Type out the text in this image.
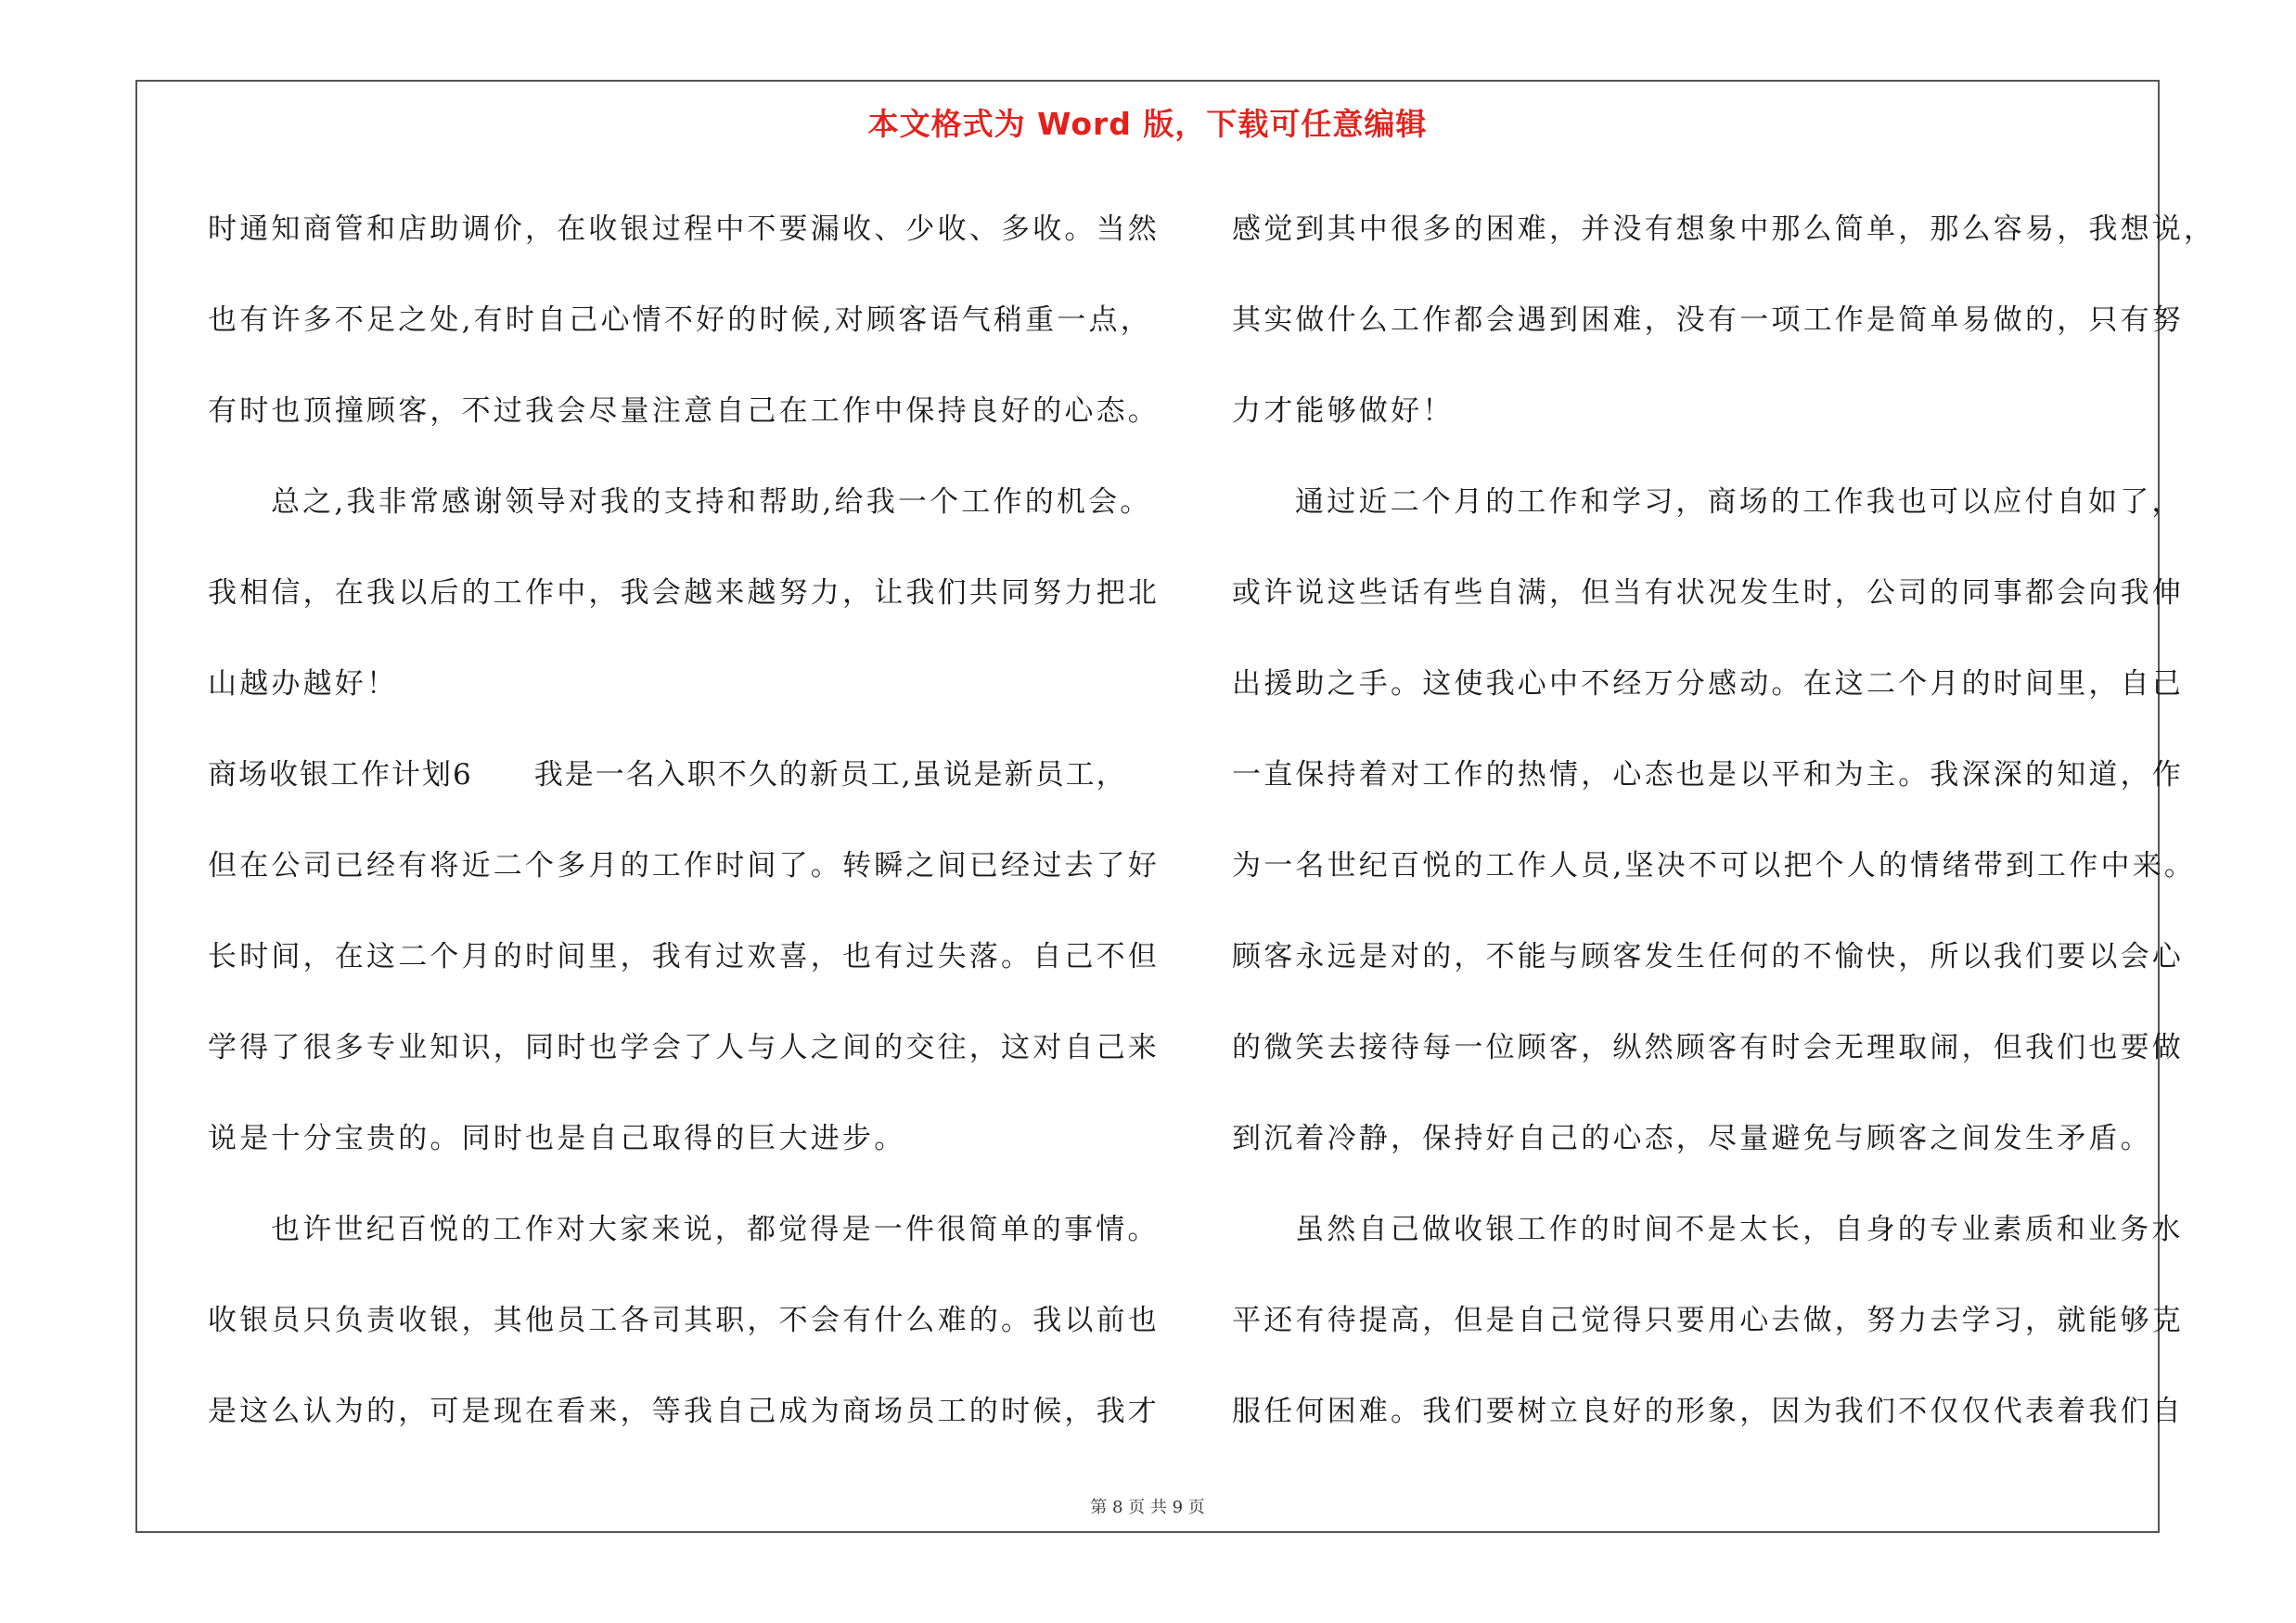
本文格式为 Word 版，下载可任意编辑
时通知商管和店助调价，在收银过程中不要漏收、少收、多收。当然
也有许多不足之处,有时自己心情不好的时候,对顾客语气稍重一点，
有时也顶撞顾客，不过我会尽量注意自己在工作中保持良好的心态。
总之,我非常感谢领导对我的支持和帮助,给我一个工作的机会。
我相信，在我以后的工作中，我会越来越努力，让我们共同努力把北
山越办越好！
商场收银工作计划6　　我是一名入职不久的新员工,虽说是新员工，
但在公司已经有将近二个多月的工作时间了。转瞬之间已经过去了好
长时间，在这二个月的时间里，我有过欢喜，也有过失落。自己不但
学得了很多专业知识，同时也学会了人与人之间的交往，这对自己来
说是十分宝贵的。同时也是自己取得的巨大进步。
也许世纪百悦的工作对大家来说，都觉得是一件很简单的事情。
收银员只负责收银，其他员工各司其职，不会有什么难的。我以前也
是这么认为的，可是现在看来，等我自己成为商场员工的时候，我才
感觉到其中很多的困难，并没有想象中那么简单，那么容易，我想说，
其实做什么工作都会遇到困难，没有一项工作是简单易做的，只有努
力才能够做好！
通过近二个月的工作和学习，商场的工作我也可以应付自如了，
或许说这些话有些自满，但当有状况发生时，公司的同事都会向我伸
出援助之手。这使我心中不经万分感动。在这二个月的时间里，自己
一直保持着对工作的热情，心态也是以平和为主。我深深的知道，作
为一名世纪百悦的工作人员,坚决不可以把个人的情绪带到工作中来。
顾客永远是对的，不能与顾客发生任何的不愉快，所以我们要以会心
的微笑去接待每一位顾客，纵然顾客有时会无理取闹，但我们也要做
到沉着冷静，保持好自己的心态，尽量避免与顾客之间发生矛盾。
虽然自己做收银工作的时间不是太长，自身的专业素质和业务水
平还有待提高，但是自己觉得只要用心去做，努力去学习，就能够克
服任何困难。我们要树立良好的形象，因为我们不仅仅代表着我们自
第 8 页 共 9 页
